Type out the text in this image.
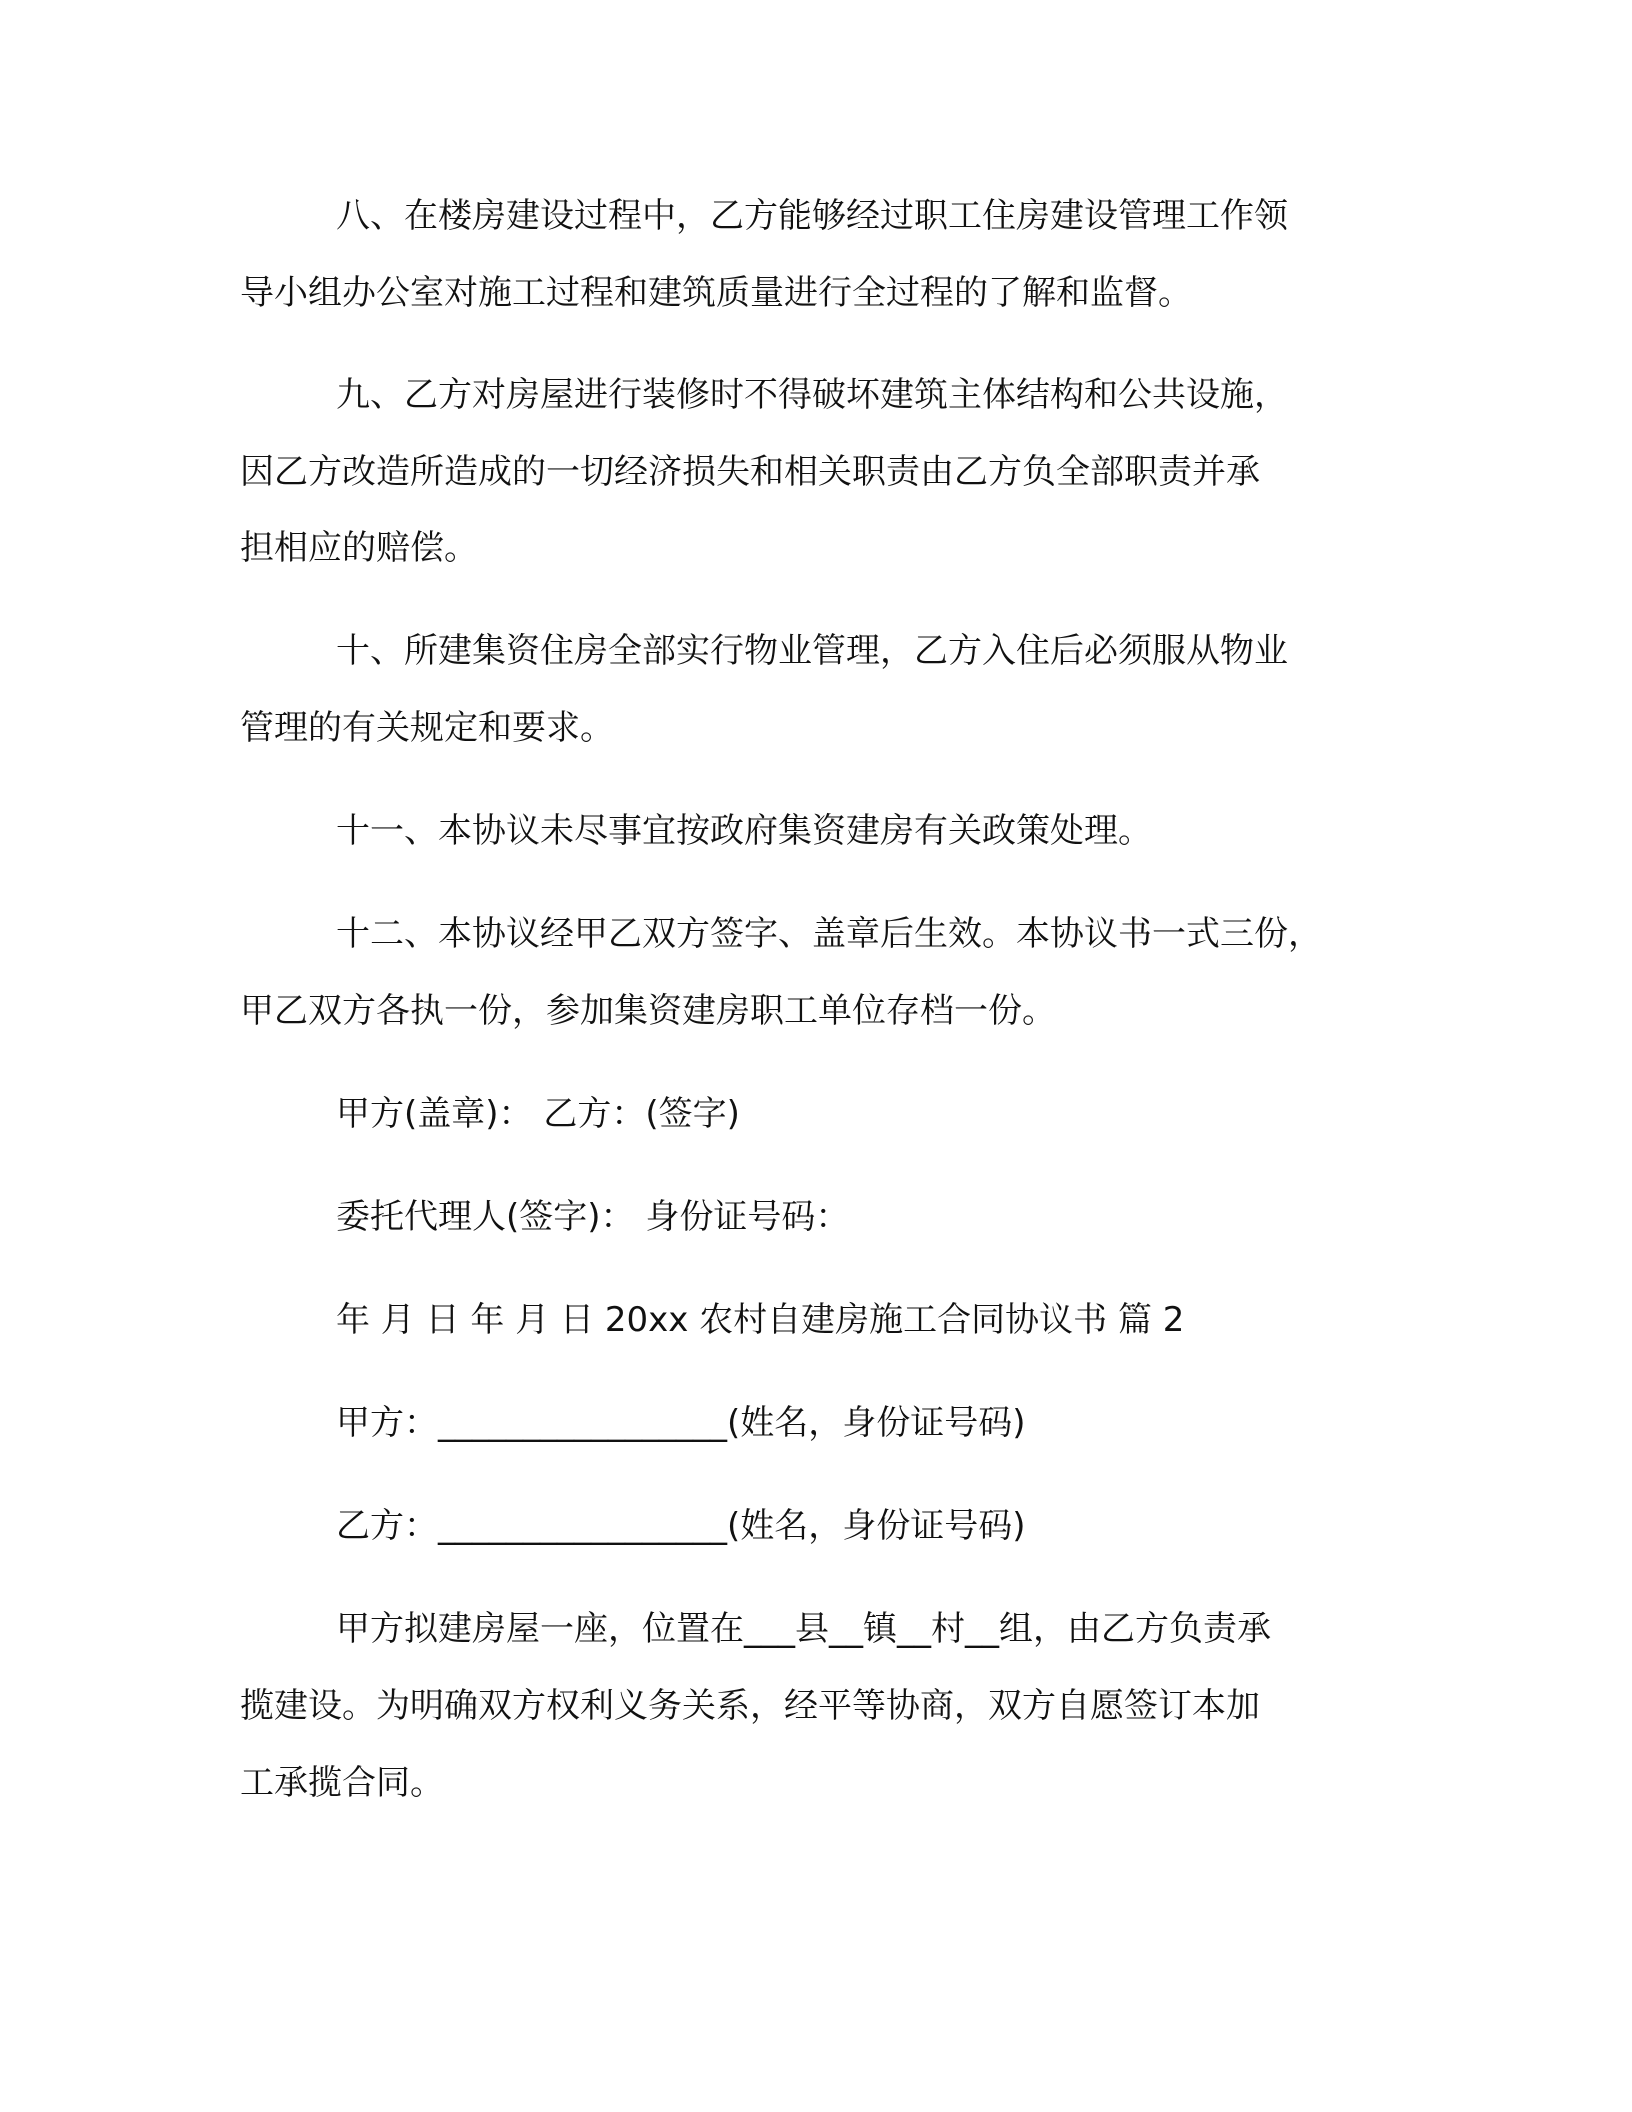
八、在楼房建设过程中，乙方能够经过职工住房建设管理工作领
导小组办公室对施工过程和建筑质量进行全过程的了解和监督。
九、乙方对房屋进行装修时不得破坏建筑主体结构和公共设施，
因乙方改造所造成的一切经济损失和相关职责由乙方负全部职责并承
担相应的赔偿。
十、所建集资住房全部实行物业管理，乙方入住后必须服从物业
管理的有关规定和要求。
十一、本协议未尽事宜按政府集资建房有关政策处理。
十二、本协议经甲乙双方签字、盖章后生效。本协议书一式三份，
甲乙双方各执一份，参加集资建房职工单位存档一份。
甲方(盖章)： 乙方：(签字)
委托代理人(签字)： 身份证号码：
年 月 日 年 月 日 20xx 农村自建房施工合同协议书 篇 2
甲方：_________________(姓名，身份证号码)
乙方：_________________(姓名，身份证号码)
甲方拟建房屋一座，位置在___县__镇__村__组，由乙方负责承
揽建设。为明确双方权利义务关系，经平等协商，双方自愿签订本加
工承揽合同。
